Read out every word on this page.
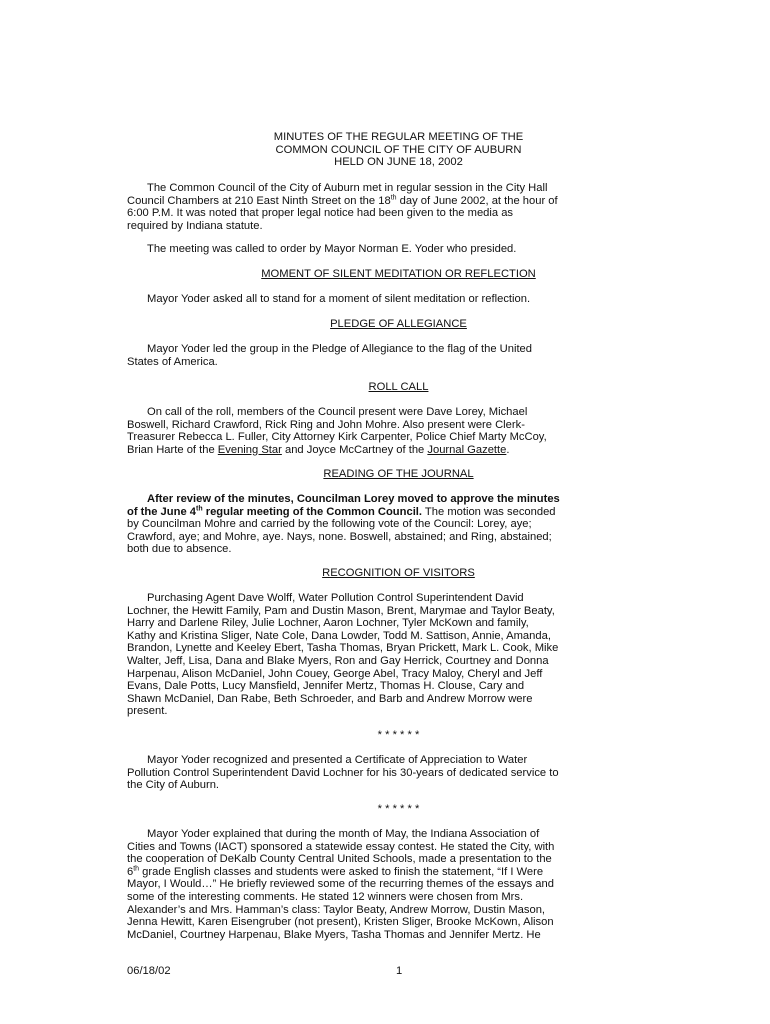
MINUTES OF THE REGULAR MEETING OF THE
COMMON COUNCIL OF THE CITY OF AUBURN
HELD ON JUNE 18, 2002
The Common Council of the City of Auburn met in regular session in the City Hall
Council Chambers at 210 East Ninth Street on the 18th day of June 2002, at the hour of
6:00 P.M. It was noted that proper legal notice had been given to the media as
required by Indiana statute.
The meeting was called to order by Mayor Norman E. Yoder who presided.
MOMENT OF SILENT MEDITATION OR REFLECTION
Mayor Yoder asked all to stand for a moment of silent meditation or reflection.
PLEDGE OF ALLEGIANCE
Mayor Yoder led the group in the Pledge of Allegiance to the flag of the United
States of America.
ROLL CALL
On call of the roll, members of the Council present were Dave Lorey, Michael
Boswell, Richard Crawford, Rick Ring and John Mohre. Also present were Clerk-
Treasurer Rebecca L. Fuller, City Attorney Kirk Carpenter, Police Chief Marty McCoy,
Brian Harte of the Evening Star and Joyce McCartney of the Journal Gazette.
READING OF THE JOURNAL
After review of the minutes, Councilman Lorey moved to approve the minutes
of the June 4th regular meeting of the Common Council. The motion was seconded
by Councilman Mohre and carried by the following vote of the Council: Lorey, aye;
Crawford, aye; and Mohre, aye. Nays, none. Boswell, abstained; and Ring, abstained;
both due to absence.
RECOGNITION OF VISITORS
Purchasing Agent Dave Wolff, Water Pollution Control Superintendent David
Lochner, the Hewitt Family, Pam and Dustin Mason, Brent, Marymae and Taylor Beaty,
Harry and Darlene Riley, Julie Lochner, Aaron Lochner, Tyler McKown and family,
Kathy and Kristina Sliger, Nate Cole, Dana Lowder, Todd M. Sattison, Annie, Amanda,
Brandon, Lynette and Keeley Ebert, Tasha Thomas, Bryan Prickett, Mark L. Cook, Mike
Walter, Jeff, Lisa, Dana and Blake Myers, Ron and Gay Herrick, Courtney and Donna
Harpenau, Alison McDaniel, John Couey, George Abel, Tracy Maloy, Cheryl and Jeff
Evans, Dale Potts, Lucy Mansfield, Jennifer Mertz, Thomas H. Clouse, Cary and
Shawn McDaniel, Dan Rabe, Beth Schroeder, and Barb and Andrew Morrow were
present.
* * * * * *
Mayor Yoder recognized and presented a Certificate of Appreciation to Water
Pollution Control Superintendent David Lochner for his 30-years of dedicated service to
the City of Auburn.
* * * * * *
Mayor Yoder explained that during the month of May, the Indiana Association of
Cities and Towns (IACT) sponsored a statewide essay contest. He stated the City, with
the cooperation of DeKalb County Central United Schools, made a presentation to the
6th grade English classes and students were asked to finish the statement, “If I Were
Mayor, I Would…” He briefly reviewed some of the recurring themes of the essays and
some of the interesting comments. He stated 12 winners were chosen from Mrs.
Alexander’s and Mrs. Hamman’s class: Taylor Beaty, Andrew Morrow, Dustin Mason,
Jenna Hewitt, Karen Eisengruber (not present), Kristen Sliger, Brooke McKown, Alison
McDaniel, Courtney Harpenau, Blake Myers, Tasha Thomas and Jennifer Mertz. He
06/18/02	1
